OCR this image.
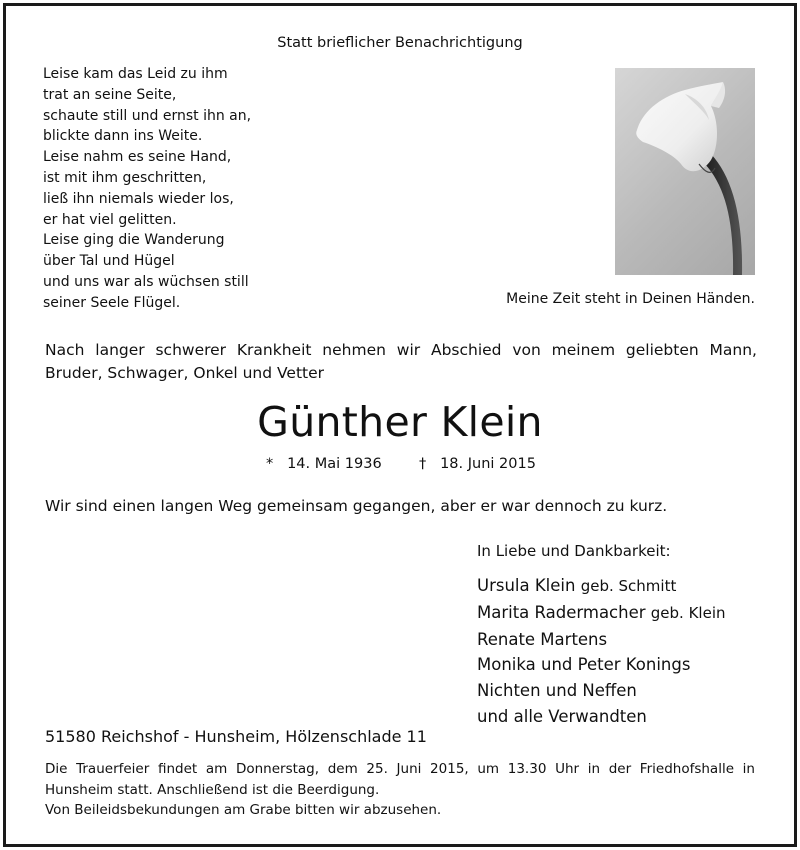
Statt brieflicher Benachrichtigung
Leise kam das Leid zu ihm
trat an seine Seite,
schaute still und ernst ihn an,
blickte dann ins Weite.
Leise nahm es seine Hand,
ist mit ihm geschritten,
ließ ihn niemals wieder los,
er hat viel gelitten.
Leise ging die Wanderung
über Tal und Hügel
und uns war als wüchsen still
seiner Seele Flügel.	Meine Zeit steht in Deinen Händen.
Nach langer schwerer Krankheit nehmen wir Abschied von meinem geliebten Mann,
Bruder, Schwager, Onkel und Vetter
Günther Klein
* 14. Mai 1936	† 18. Juni 2015
Wir sind einen langen Weg gemeinsam gegangen, aber er war dennoch zu kurz.
In Liebe und Dankbarkeit:
Ursula Klein geb. Schmitt
Marita Radermacher geb. Klein
Renate Martens
Monika und Peter Konings
Nichten und Neffen
und alle Verwandten
51580 Reichshof - Hunsheim, Hölzenschlade 11
Die Trauerfeier findet am Donnerstag, dem 25. Juni 2015, um 13.30 Uhr in der Friedhofshalle in
Hunsheim statt. Anschließend ist die Beerdigung.
Von Beileidsbekundungen am Grabe bitten wir abzusehen.
